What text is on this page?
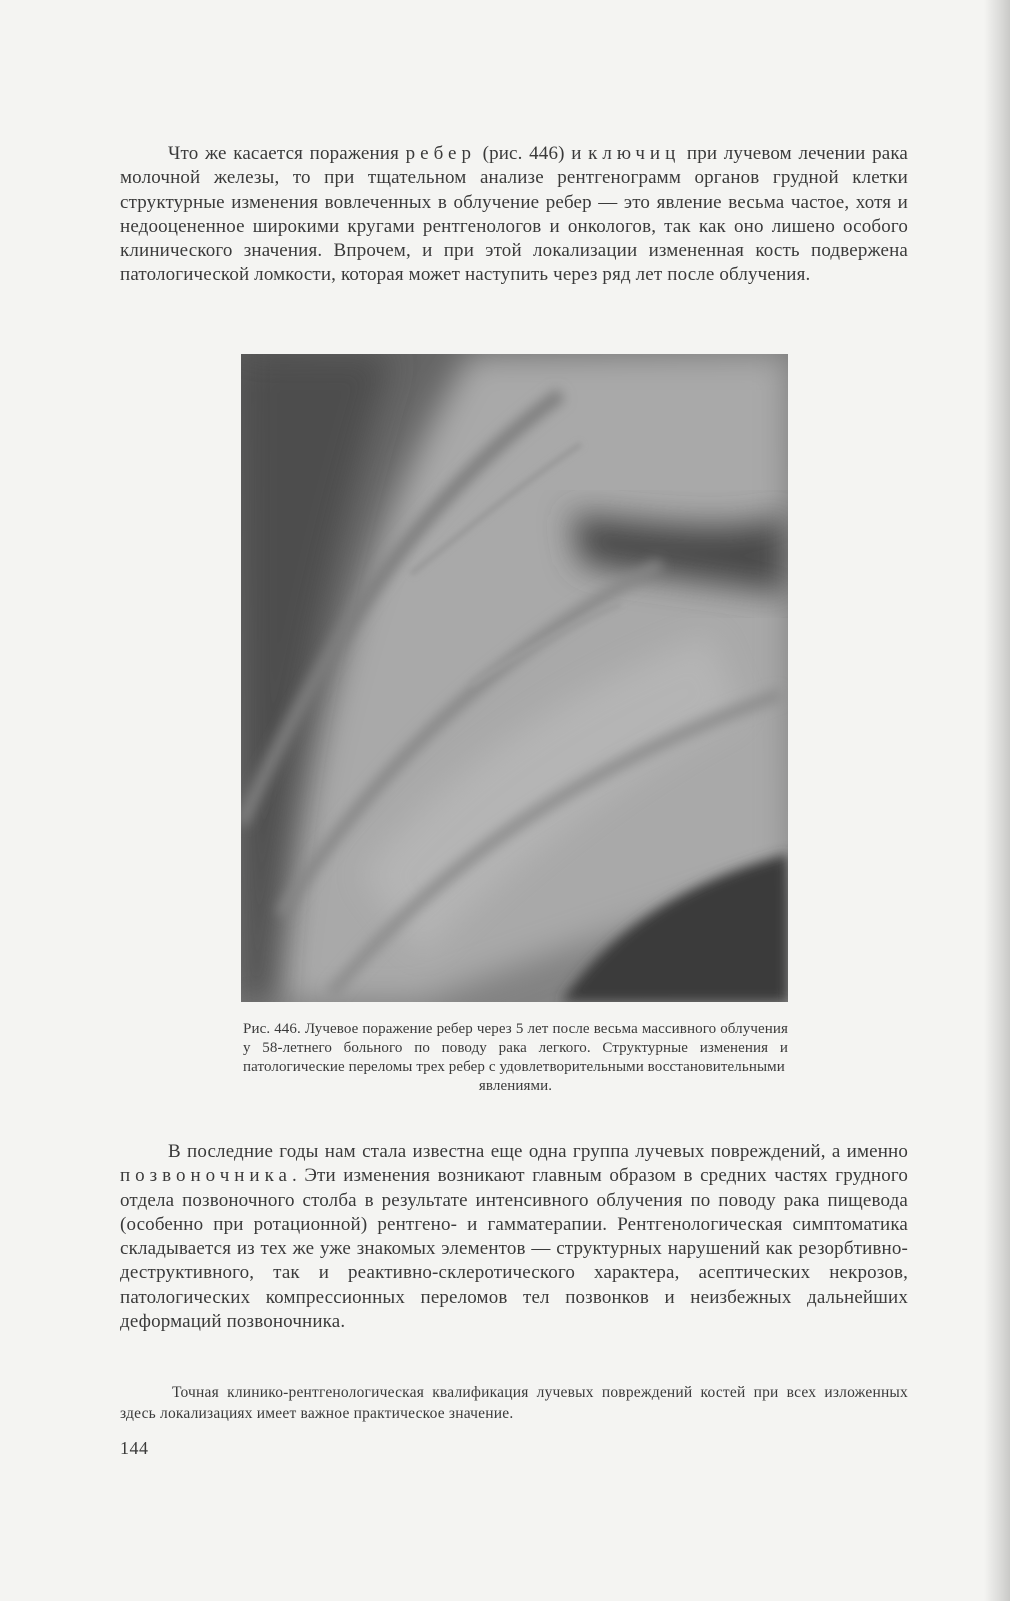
Что же касается поражения ребер (рис. 446) и ключиц при лучевом лечении рака молочной железы, то при тщательном анализе рентгенограмм органов грудной клетки структурные изменения вовлеченных в облучение ребер — это явление весьма частое, хотя и недооцененное широкими кругами рентгенологов и онкологов, так как оно лишено особого клинического значения. Впрочем, и при этой локализации измененная кость подвержена патологической ломкости, которая может наступить через ряд лет после облучения.

Рис. 446. Лучевое поражение ребер через 5 лет после весьма массивного облучения у 58-летнего больного по поводу рака легкого. Структурные изменения и патологические переломы трех ребер с удовлетворительными восстановительными
явлениями.

В последние годы нам стала известна еще одна группа лучевых повреждений, а именно позвоночника. Эти изменения возникают главным образом в средних частях грудного отдела позвоночного столба в результате интенсивного облучения по поводу рака пищевода (особенно при ротационной) рентгено- и гамматерапии. Рентгенологическая симптоматика складывается из тех же уже знакомых элементов — структурных нарушений как резорбтивно-деструктивного, так и реактивно-склеротического характера, асептических некрозов, патологических компрессионных переломов тел позвонков и неизбежных дальнейших деформаций позвоночника.

Точная клинико-рентгенологическая квалификация лучевых повреждений костей при всех изложенных здесь локализациях имеет важное практическое значение.

144
